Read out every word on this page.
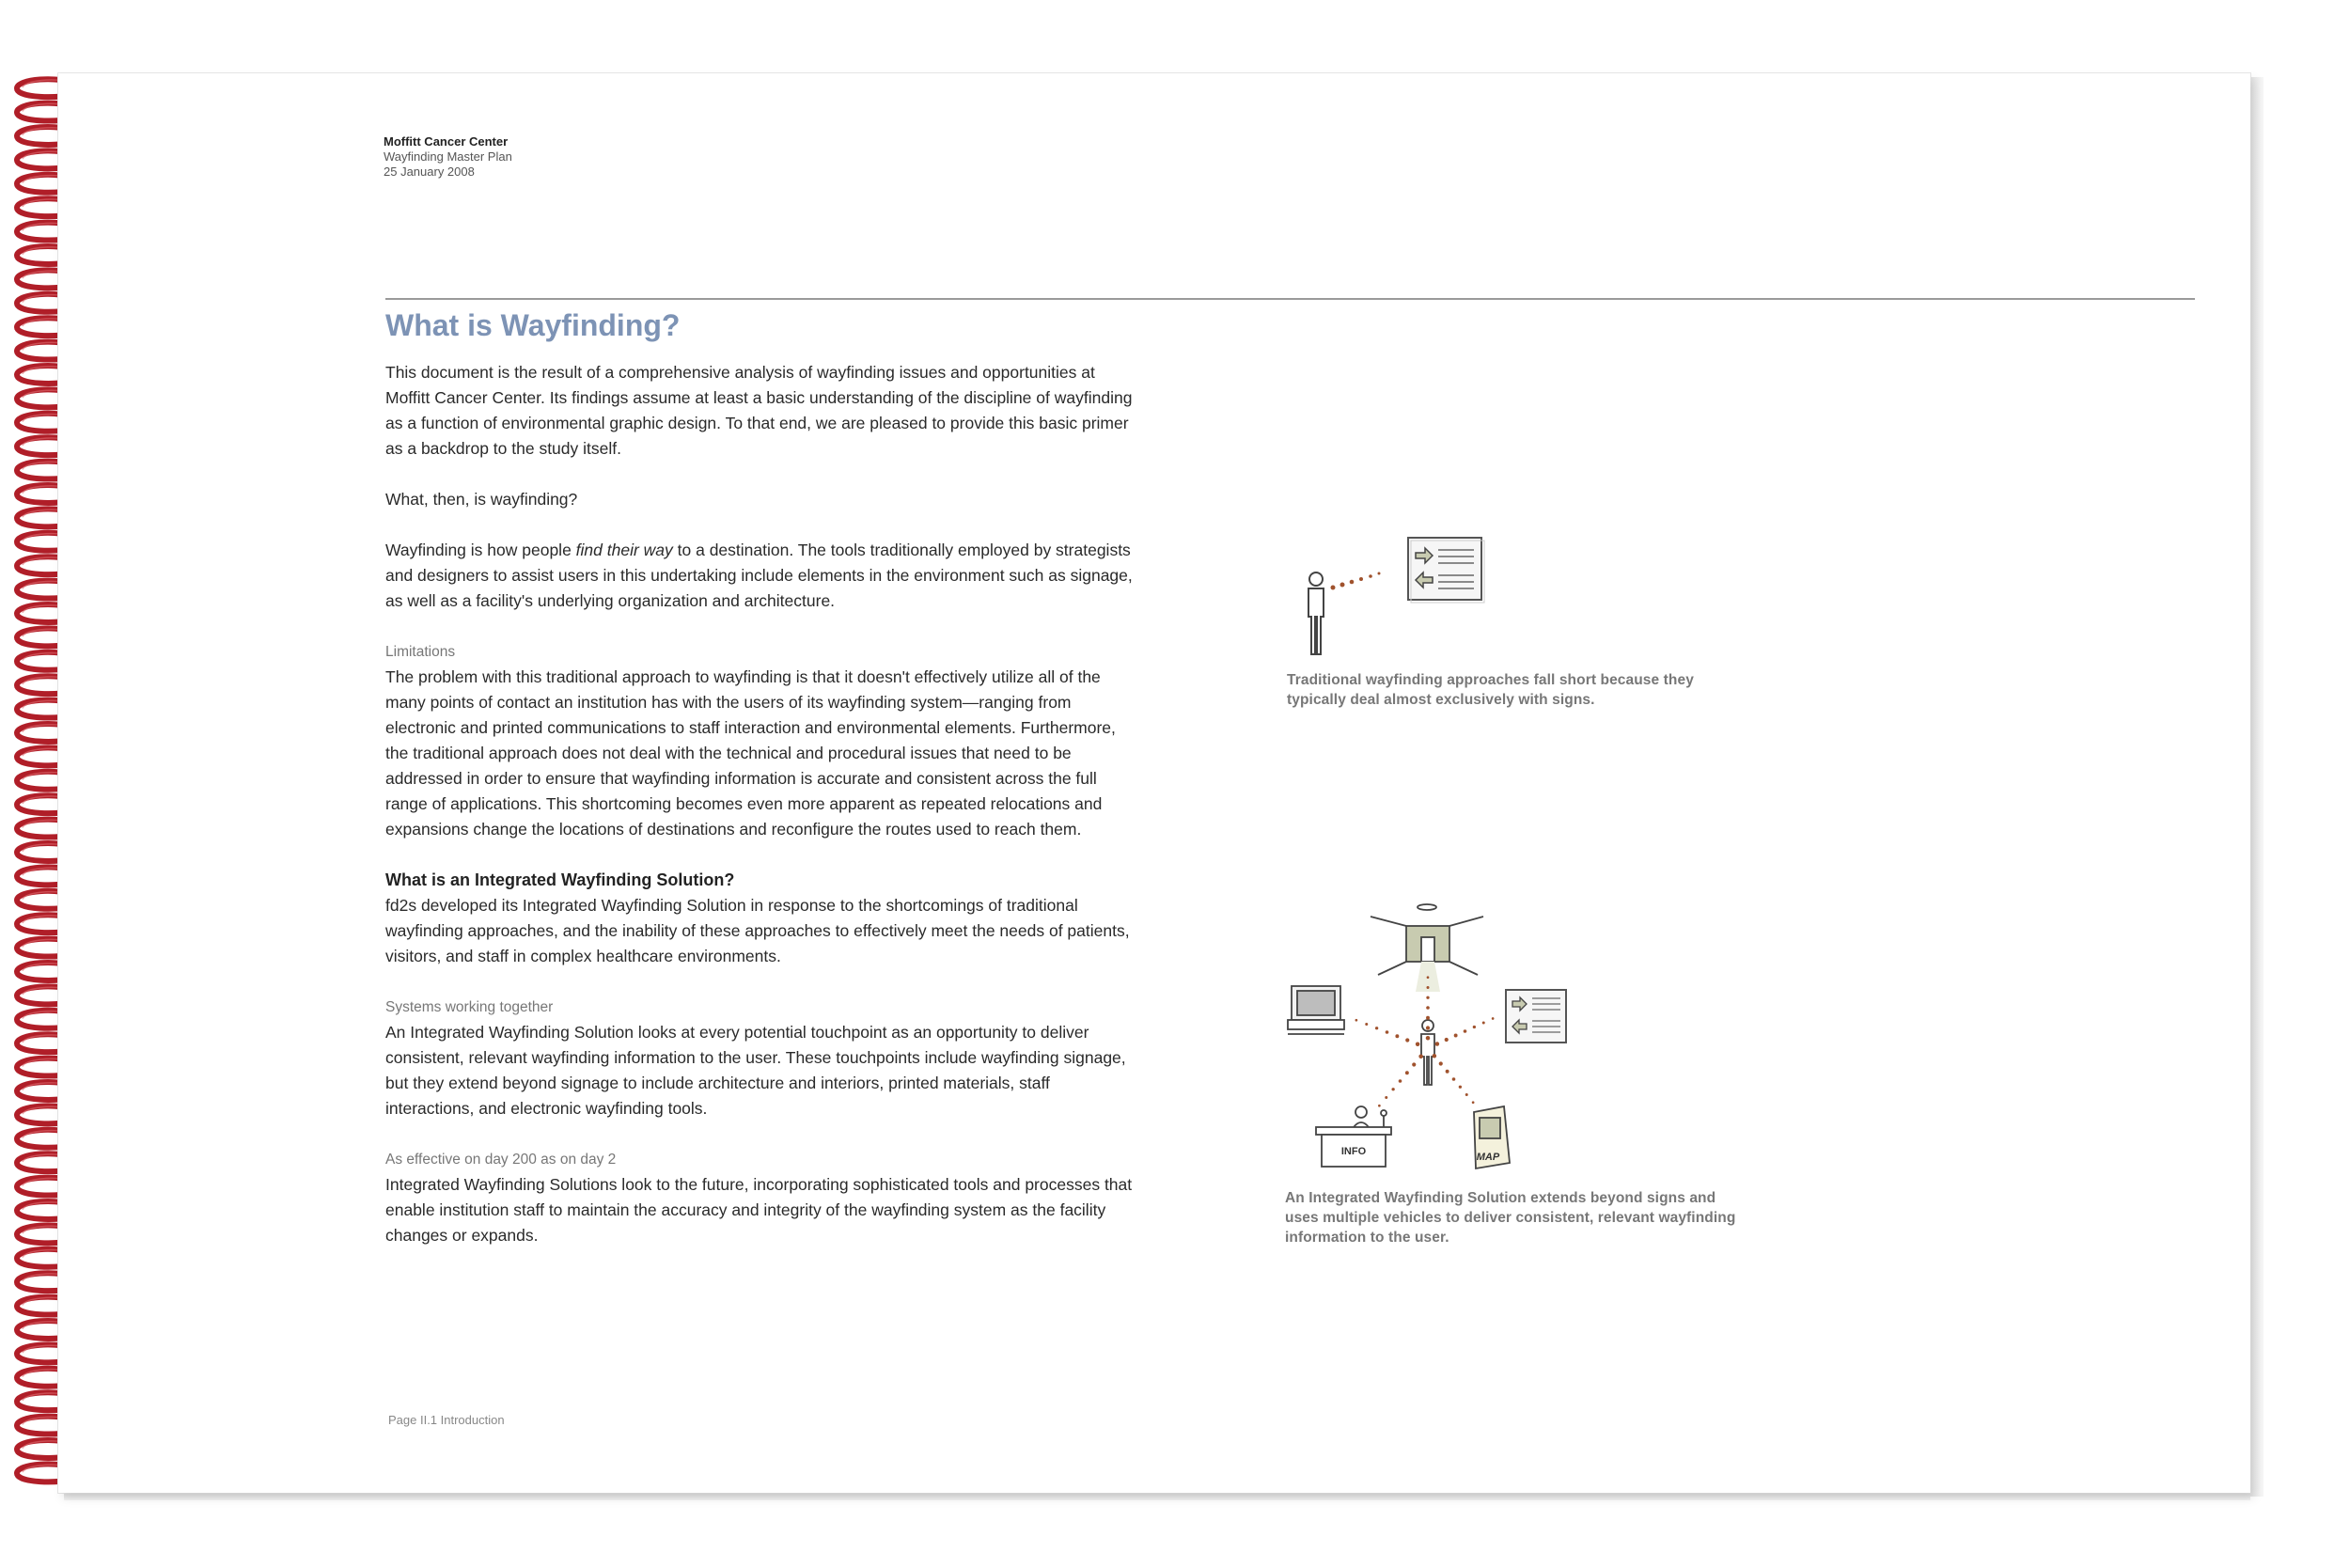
Moffitt Cancer Center
Wayfinding Master Plan
25 January 2008
What is Wayfinding?

This document is the result of a comprehensive analysis of wayfinding issues and opportunities at Moffitt Cancer Center. Its findings assume at least a basic understanding of the discipline of wayfinding as a function of environmental graphic design. To that end, we are pleased to provide this basic primer as a backdrop to the study itself.

What, then, is wayfinding?

Wayfinding is how people find their way to a destination. The tools traditionally employed by strategists and designers to assist users in this undertaking include elements in the environment such as signage, as well as a facility's underlying organization and architecture.

Limitations

The problem with this traditional approach to wayfinding is that it doesn't effectively utilize all of the many points of contact an institution has with the users of its wayfinding system—ranging from electronic and printed communications to staff interaction and environmental elements. Furthermore, the traditional approach does not deal with the technical and procedural issues that need to be addressed in order to ensure that wayfinding information is accurate and consistent across the full range of applications. This shortcoming becomes even more apparent as repeated relocations and expansions change the locations of destinations and reconfigure the routes used to reach them.

What is an Integrated Wayfinding Solution?

fd2s developed its Integrated Wayfinding Solution in response to the shortcomings of traditional wayfinding approaches, and the inability of these approaches to effectively meet the needs of patients, visitors, and staff in complex healthcare environments.

Systems working together

An Integrated Wayfinding Solution looks at every potential touchpoint as an opportunity to deliver consistent, relevant wayfinding information to the user. These touchpoints include wayfinding signage, but they extend beyond signage to include architecture and interiors, printed materials, staff interactions, and electronic wayfinding tools.

As effective on day 200 as on day 2

Integrated Wayfinding Solutions look to the future, incorporating sophisticated tools and processes that enable institution staff to maintain the accuracy and integrity of the wayfinding system as the facility changes or expands.

Traditional wayfinding approaches fall short because they typically deal almost exclusively with signs.
INFO	MAP
An Integrated Wayfinding Solution extends beyond signs and uses multiple vehicles to deliver consistent, relevant wayfinding information to the user.
Page II.1 Introduction
